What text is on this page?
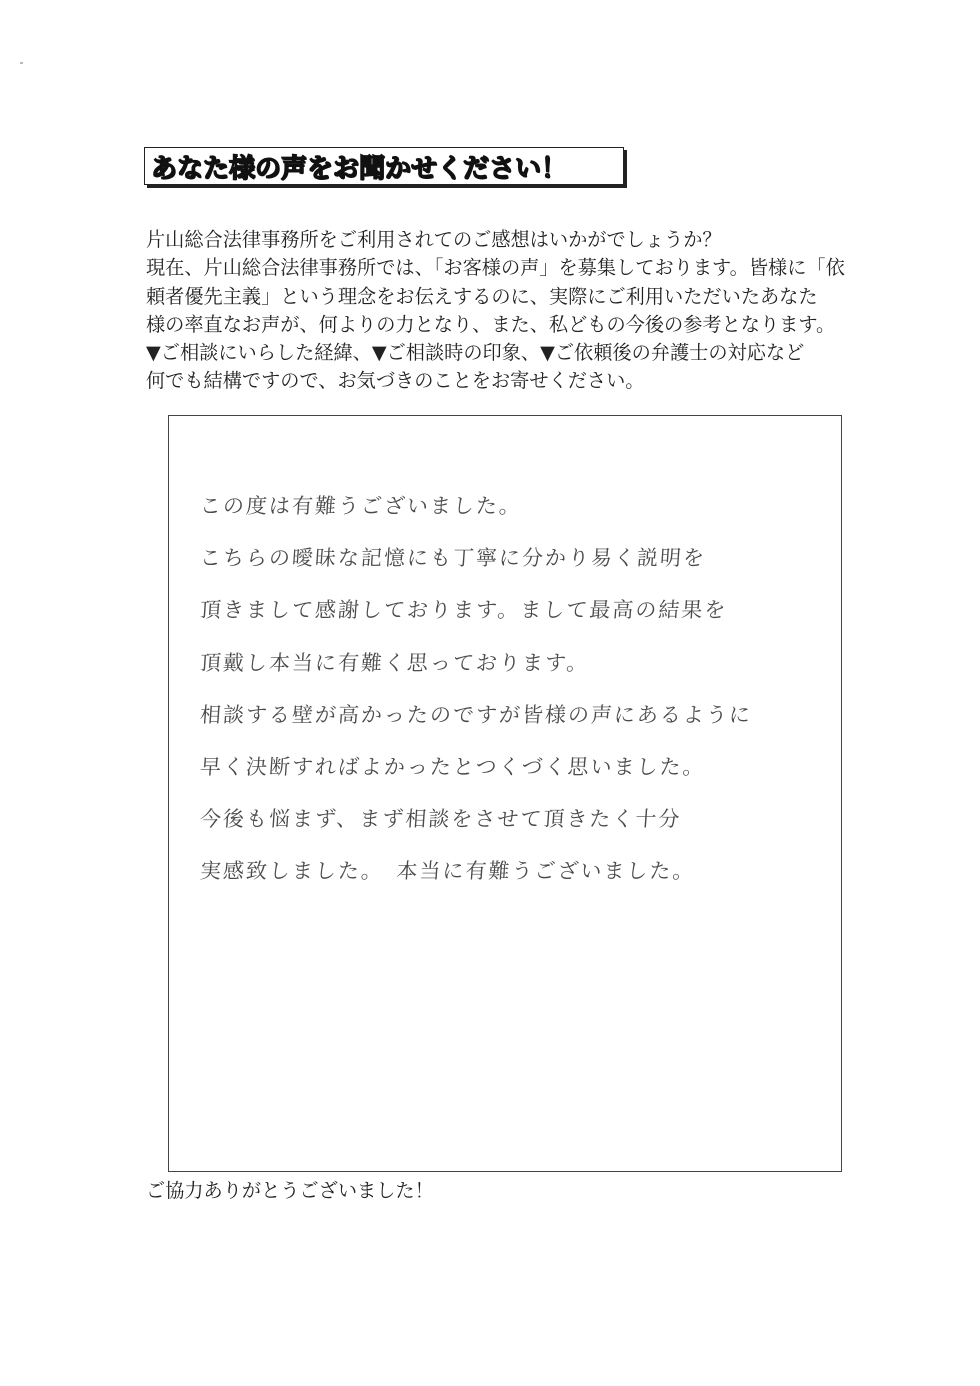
あなた様の声をお聞かせください！
片山総合法律事務所をご利用されてのご感想はいかがでしょうか？
現在、片山総合法律事務所では、「お客様の声」を募集しております。皆様に「依
頼者優先主義」という理念をお伝えするのに、実際にご利用いただいたあなた
様の率直なお声が、何よりの力となり、また、私どもの今後の参考となります。
▼ご相談にいらした経緯、▼ご相談時の印象、▼ご依頼後の弁護士の対応など
何でも結構ですので、お気づきのことをお寄せください。
この度は有難うございました。
こちらの曖昧な記憶にも丁寧に分かり易く説明を
頂きまして感謝しております。まして最高の結果を
頂戴し本当に有難く思っております。
相談する壁が高かったのですが皆様の声にあるように
早く決断すればよかったとつくづく思いました。
今後も悩まず、まず相談をさせて頂きたく十分
実感致しました。　本当に有難うございました。
ご協力ありがとうございました！
